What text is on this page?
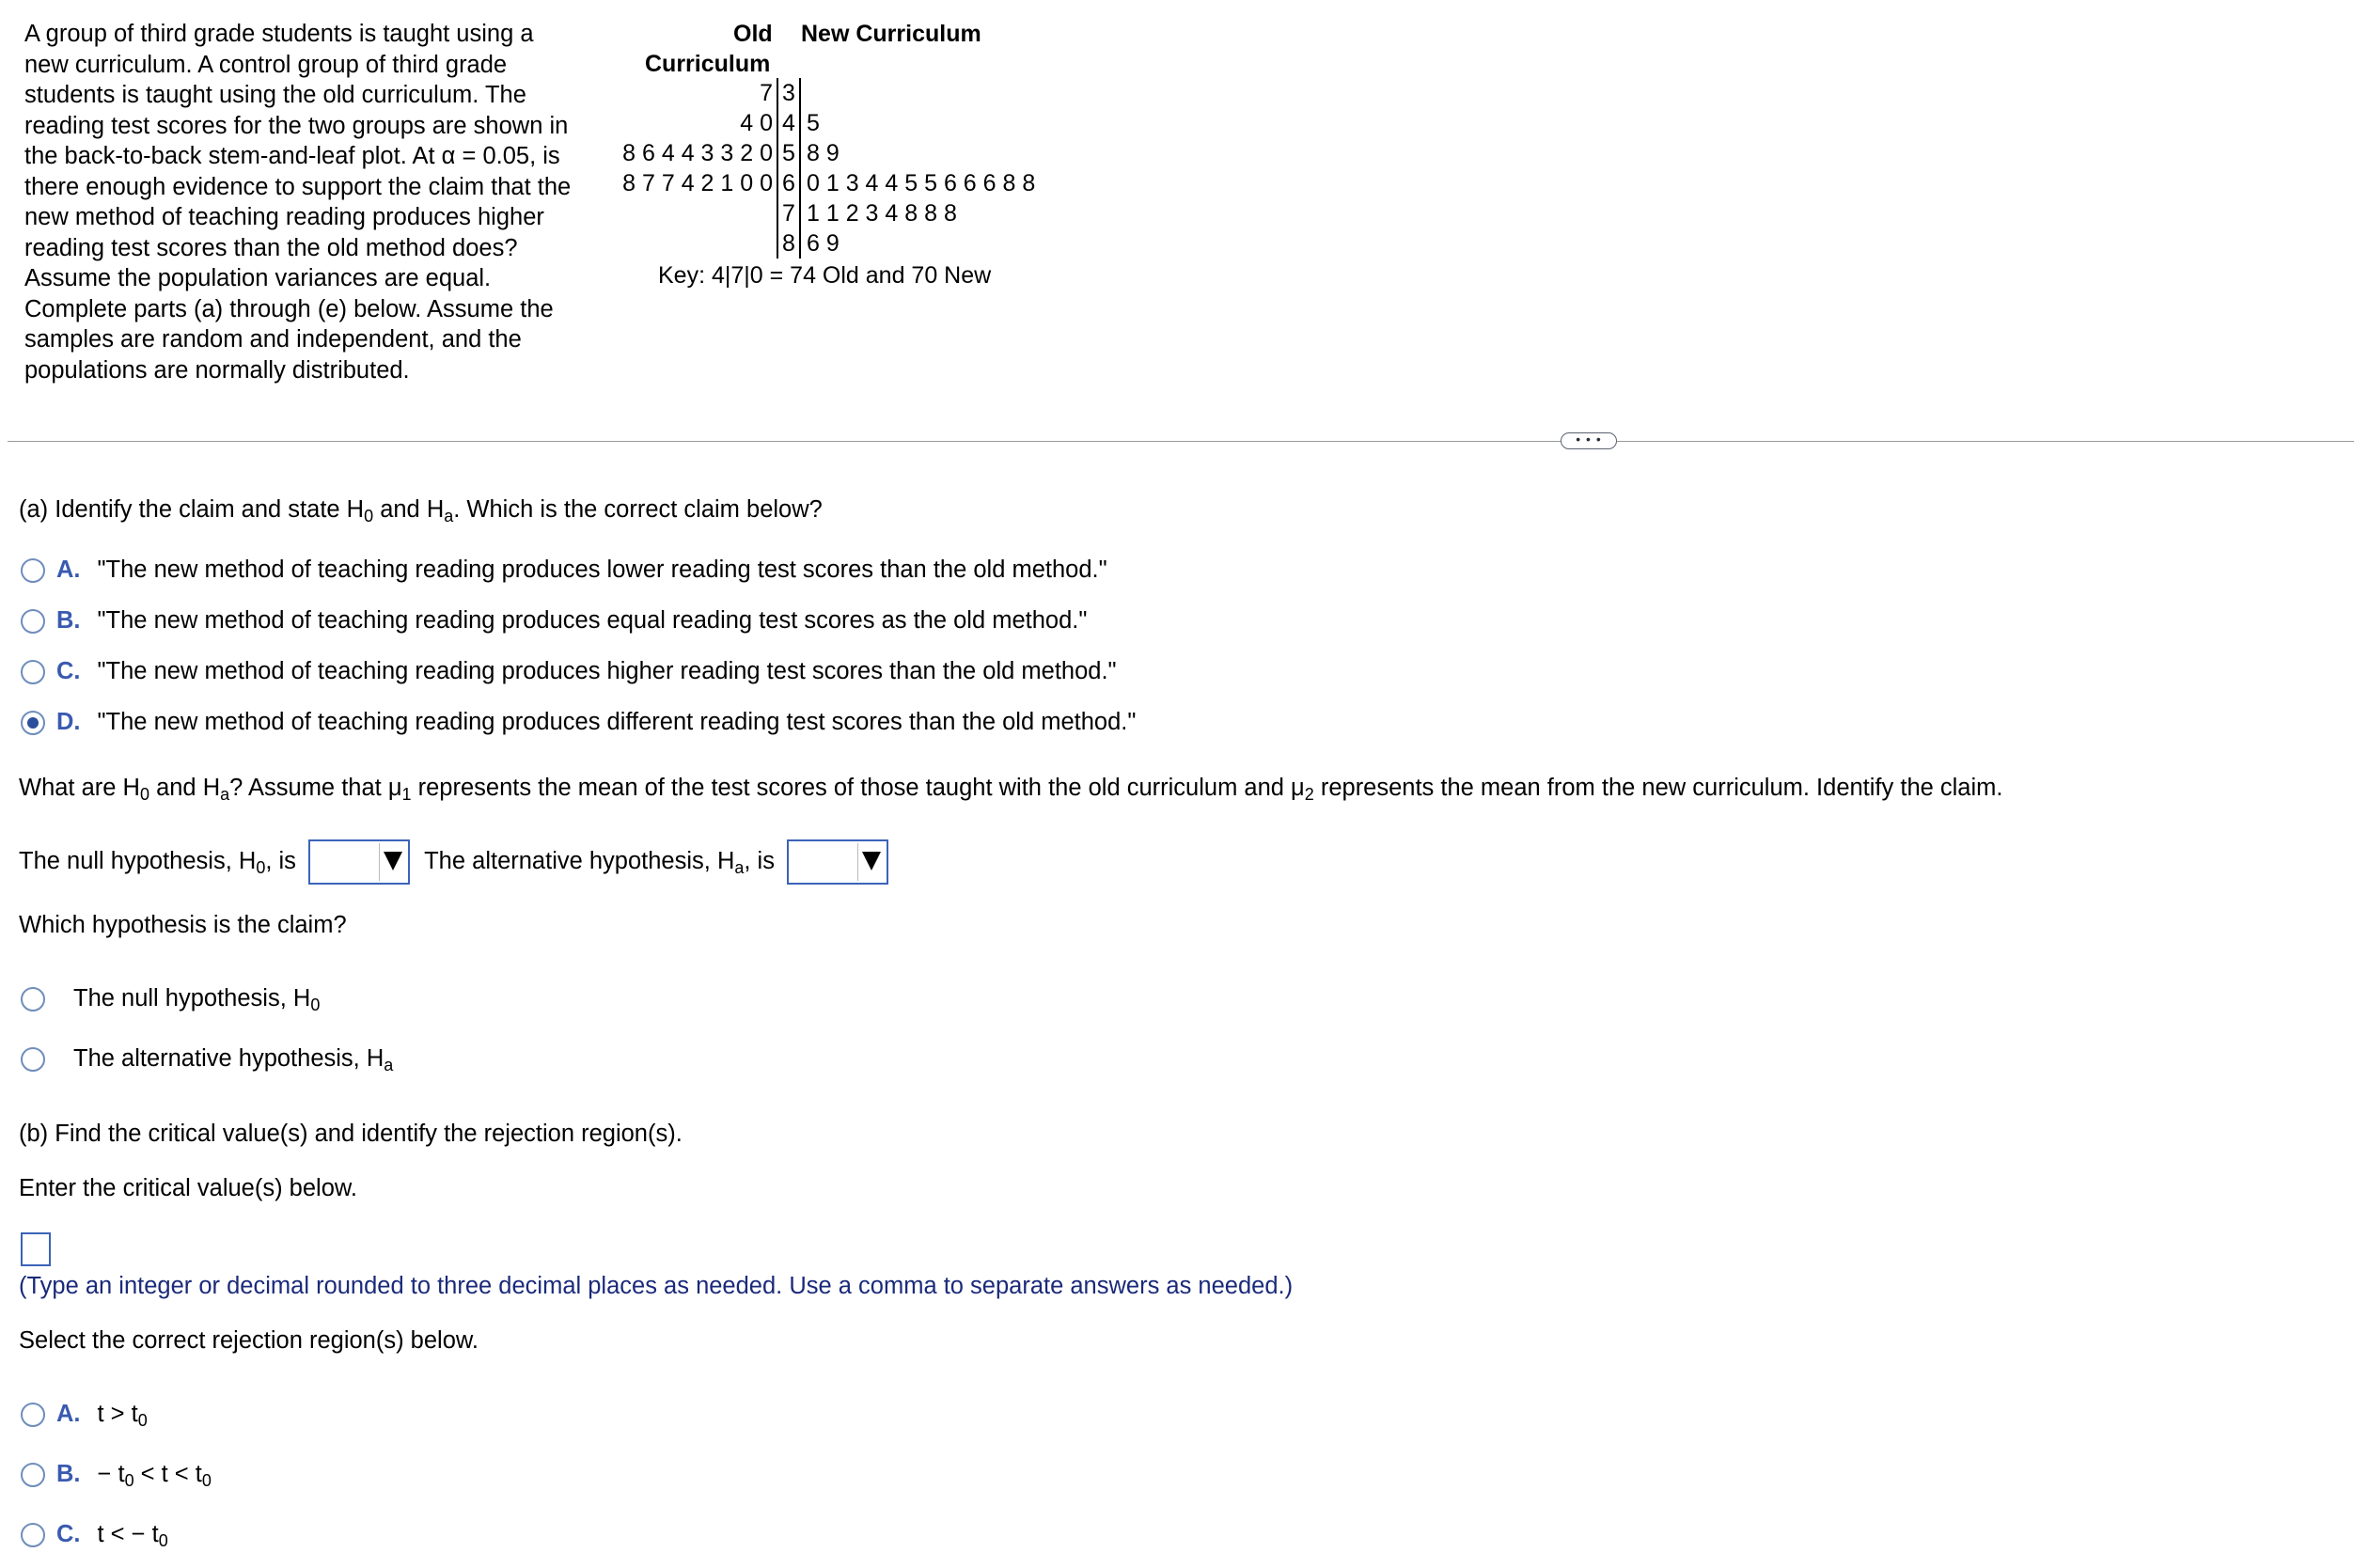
A group of third grade students is taught using a
new curriculum. A control group of third grade
students is taught using the old curriculum. The
reading test scores for the two groups are shown in
the back-to-back stem-and-leaf plot. At α = 0.05, is
there enough evidence to support the claim that the
new method of teaching reading produces higher
reading test scores than the old method does?
Assume the population variances are equal.
Complete parts (a) through (e) below. Assume the
samples are random and independent, and the
populations are normally distributed.
Old
Curriculum
New Curriculum
7	3	
4 0	4	5
8 6 4 4 3 3 2 0	5	8 9
8 7 7 4 2 1 0 0	6	0 1 3 4 4 5 5 6 6 6 8 8
	7	1 1 2 3 4 8 8 8
	8	6 9
Key: 4|7|0 = 74 Old and 70 New
• • •
(a) Identify the claim and state $H_0$ and $H_a$. Which is the correct claim below?
A. "The new method of teaching reading produces lower reading test scores than the old method."
B. "The new method of teaching reading produces equal reading test scores as the old method."
C. "The new method of teaching reading produces higher reading test scores than the old method."
D. "The new method of teaching reading produces different reading test scores than the old method."
What are $H_0$ and $H_a$? Assume that $\mu_1$ represents the mean of the test scores of those taught with the old curriculum and $\mu_2$ represents the mean from the new curriculum. Identify the claim.
The null hypothesis, $H_0$, is	The alternative hypothesis, $H_a$, is
Which hypothesis is the claim?
The null hypothesis, $H_0$
The alternative hypothesis, $H_a$
(b) Find the critical value(s) and identify the rejection region(s).
Enter the critical value(s) below.
(Type an integer or decimal rounded to three decimal places as needed. Use a comma to separate answers as needed.)
Select the correct rejection region(s) below.
A. $t > t_0$
B. − $t_0 < t < t_0$
C. t < − $t_0$
